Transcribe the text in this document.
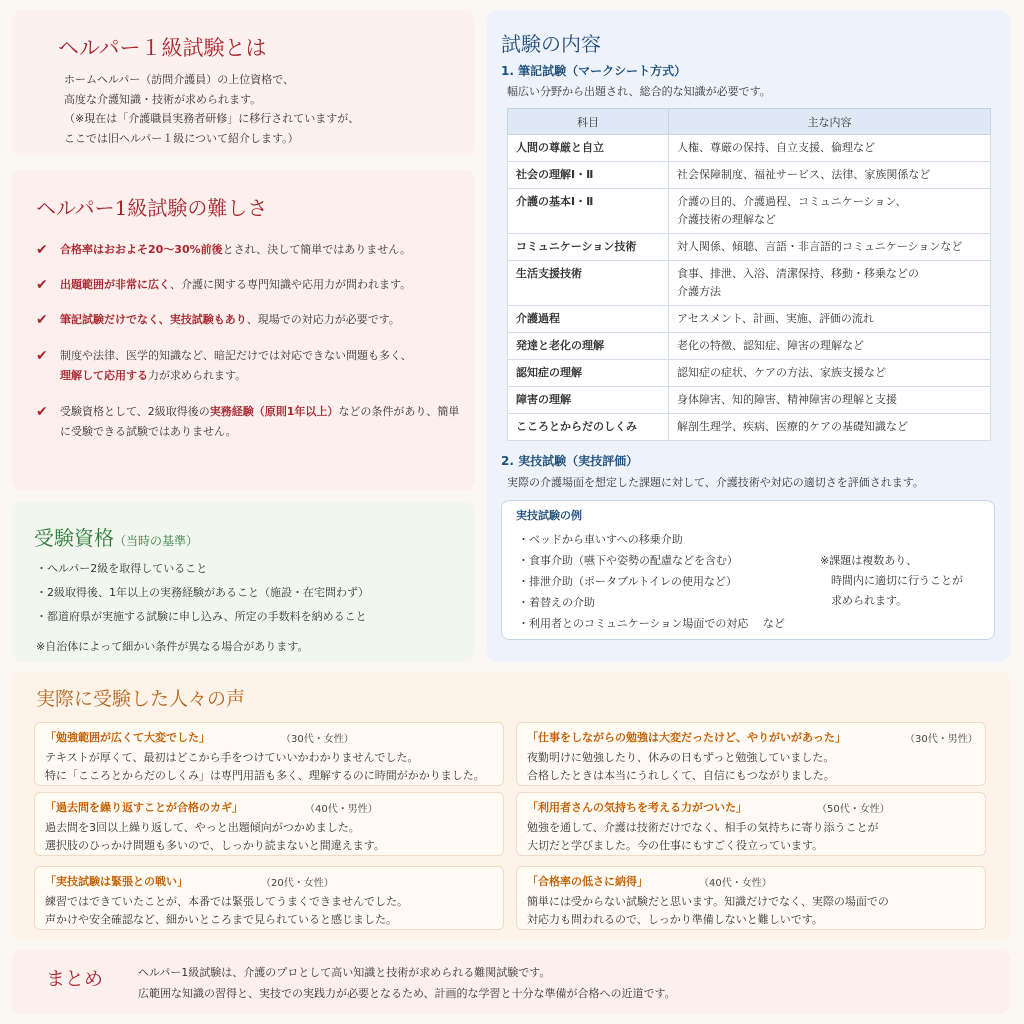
ヘルパー１級試験とは
ホームヘルパー（訪問介護員）の上位資格で、
高度な介護知識・技術が求められます。
（※現在は「介護職員実務者研修」に移行されていますが、
ここでは旧ヘルパー１級について紹介します。）
ヘルパー1級試験の難しさ
✔ 合格率はおおよそ20〜30%前後とされ、決して簡単ではありません。
✔ 出題範囲が非常に広く、介護に関する専門知識や応用力が問われます。
✔ 筆記試験だけでなく、実技試験もあり、現場での対応力が必要です。
✔ 制度や法律、医学的知識など、暗記だけでは対応できない問題も多く、
理解して応用する力が求められます。
✔ 受験資格として、2級取得後の実務経験（原則1年以上）などの条件があり、簡単に受験できる試験ではありません。
受験資格（当時の基準）
・ヘルパー2級を取得していること
・2級取得後、1年以上の実務経験があること（施設・在宅問わず）
・都道府県が実施する試験に申し込み、所定の手数料を納めること
※自治体によって細かい条件が異なる場合があります。
試験の内容
1. 筆記試験（マークシート方式）
幅広い分野から出題され、総合的な知識が必要です。
科目	主な内容
人間の尊厳と自立	人権、尊厳の保持、自立支援、倫理など
社会の理解Ⅰ・Ⅱ	社会保障制度、福祉サービス、法律、家族関係など
介護の基本Ⅰ・Ⅱ	介護の目的、介護過程、コミュニケーション、
介護技術の理解など
コミュニケーション技術	対人関係、傾聴、言語・非言語的コミュニケーションなど
生活支援技術	食事、排泄、入浴、清潔保持、移動・移乗などの
介護方法
介護過程	アセスメント、計画、実施、評価の流れ
発達と老化の理解	老化の特徴、認知症、障害の理解など
認知症の理解	認知症の症状、ケアの方法、家族支援など
障害の理解	身体障害、知的障害、精神障害の理解と支援
こころとからだのしくみ	解剖生理学、疾病、医療的ケアの基礎知識など
2. 実技試験（実技評価）
実際の介護場面を想定した課題に対して、介護技術や対応の適切さを評価されます。
実技試験の例
・ベッドから車いすへの移乗介助
・食事介助（嚥下や姿勢の配慮などを含む）
・排泄介助（ポータブルトイレの使用など）
・着替えの介助
・利用者とのコミュニケーション場面での対応　 など
※課題は複数あり、
　時間内に適切に行うことが
　求められます。
実際に受験した人々の声
「勉強範囲が広くて大変でした」	（30代・女性）
テキストが厚くて、最初はどこから手をつけていいかわかりませんでした。
特に「こころとからだのしくみ」は専門用語も多く、理解するのに時間がかかりました。
「仕事をしながらの勉強は大変だったけど、やりがいがあった」	（30代・男性）
夜勤明けに勉強したり、休みの日もずっと勉強していました。
合格したときは本当にうれしくて、自信にもつながりました。
「過去問を繰り返すことが合格のカギ」	（40代・男性）
過去問を3回以上繰り返して、やっと出題傾向がつかめました。
選択肢のひっかけ問題も多いので、しっかり読まないと間違えます。
「利用者さんの気持ちを考える力がついた」	（50代・女性）
勉強を通して、介護は技術だけでなく、相手の気持ちに寄り添うことが
大切だと学びました。今の仕事にもすごく役立っています。
「実技試験は緊張との戦い」	（20代・女性）
練習ではできていたことが、本番では緊張してうまくできませんでした。
声かけや安全確認など、細かいところまで見られていると感じました。
「合格率の低さに納得」	（40代・女性）
簡単には受からない試験だと思います。知識だけでなく、実際の場面での
対応力も問われるので、しっかり準備しないと難しいです。
まとめ	ヘルパー1級試験は、介護のプロとして高い知識と技術が求められる難関試験です。
広範囲な知識の習得と、実技での実践力が必要となるため、計画的な学習と十分な準備が合格への近道です。
